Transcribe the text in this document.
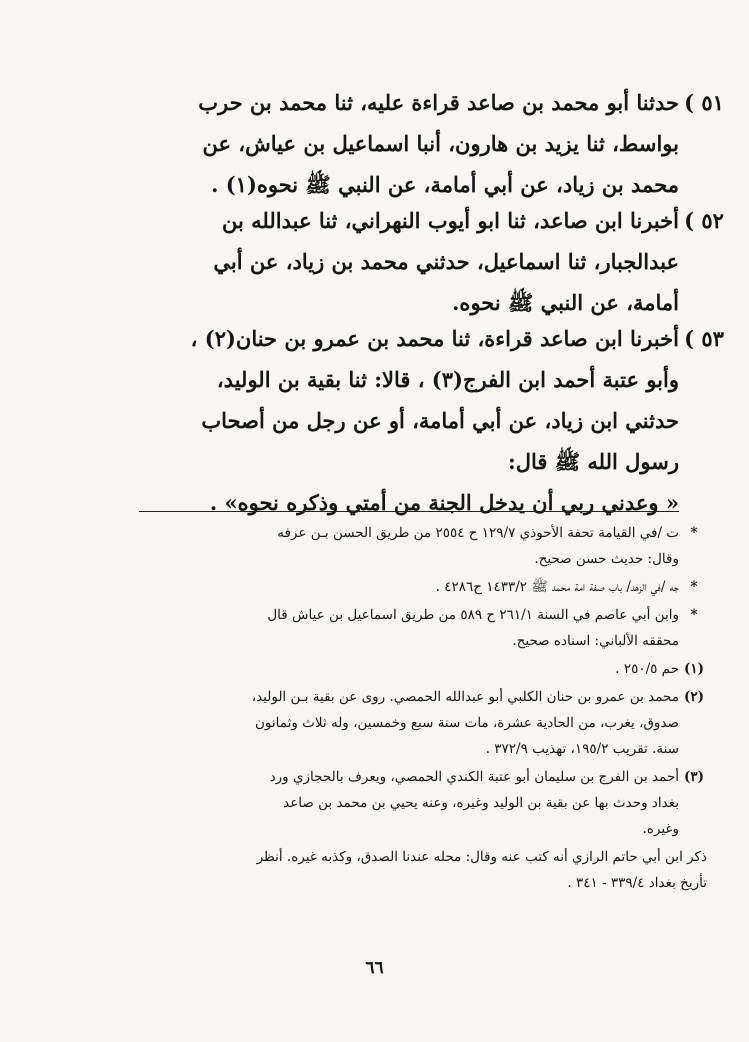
٥١ )
حدثنا أبو محمد بن صاعد قراءة عليه، ثنا محمد بن حرب
بواسط، ثنا يزيد بن هارون، أنبا اسماعيل بن عياش، عن
محمد بن زياد، عن أبي أمامة، عن النبي ﷺ نحوه(١) .
٥٢ )
أخبرنا ابن صاعد، ثنا ابو أيوب النهراني، ثنا عبدالله بن
عبدالجبار، ثنا اسماعيل، حدثني محمد بن زياد، عن أبي
أمامة، عن النبي ﷺ نحوه.
٥٣ )
أخبرنا ابن صاعد قراءة، ثنا محمد بن عمرو بن حنان(٢) ،
وأبو عتبة أحمد ابن الفرج(٣) ، قالا: ثنا بقية بن الوليد،
حدثني ابن زياد، عن أبي أمامة، أو عن رجل من أصحاب
رسول الله ﷺ قال:
« وعدني ربي أن يدخل الجنة من أمتي وذكره نحوه» .
*
ت /في القيامة تحفة الأحوذي ١٢٩/٧ ح ٢٥٥٤ من طريق الحسن بـن عرفه
وقال: حديث حسن صحيح.
*
جه /في الزهد/ باب صفة امة محمد ﷺ ١٤٣٣/٢ ح٤٢٨٦ .
*
وابن أبي عاصم في السنة ٢٦١/١ ح ٥٨٩ من طريق اسماعيل بن عياش قال
محققه الألباني: اسناده صحيح.
(١)
حم ٢٥٠/٥ .
(٢)
محمد بن عمرو بن حنان الكلبي أبو عبدالله الحمصي. روى عن بقية بـن الوليد،
صدوق، يغرب، من الحادية عشرة، مات سنة سبع وخمسين، وله ثلاث وثمانون
سنة. تقريب ١٩٥/٢، تهذيب ٣٧٢/٩ .
(٣)
أحمد بن الفرج بن سليمان أبو عتبة الكندي الحمصي، ويعرف بالحجازي ورد
بغداد وحدث بها عن بقية بن الوليد وغيره، وعنه يحيي بن محمد بن صاعد
وغيره.
ذكر ابن أبي حاتم الرازي أنه كتب عنه وقال: محله عندنا الصدق، وكذبه غيره. أنظر
تأريخ بغداد ٣٣٩/٤ - ٣٤١ .
٦٦
